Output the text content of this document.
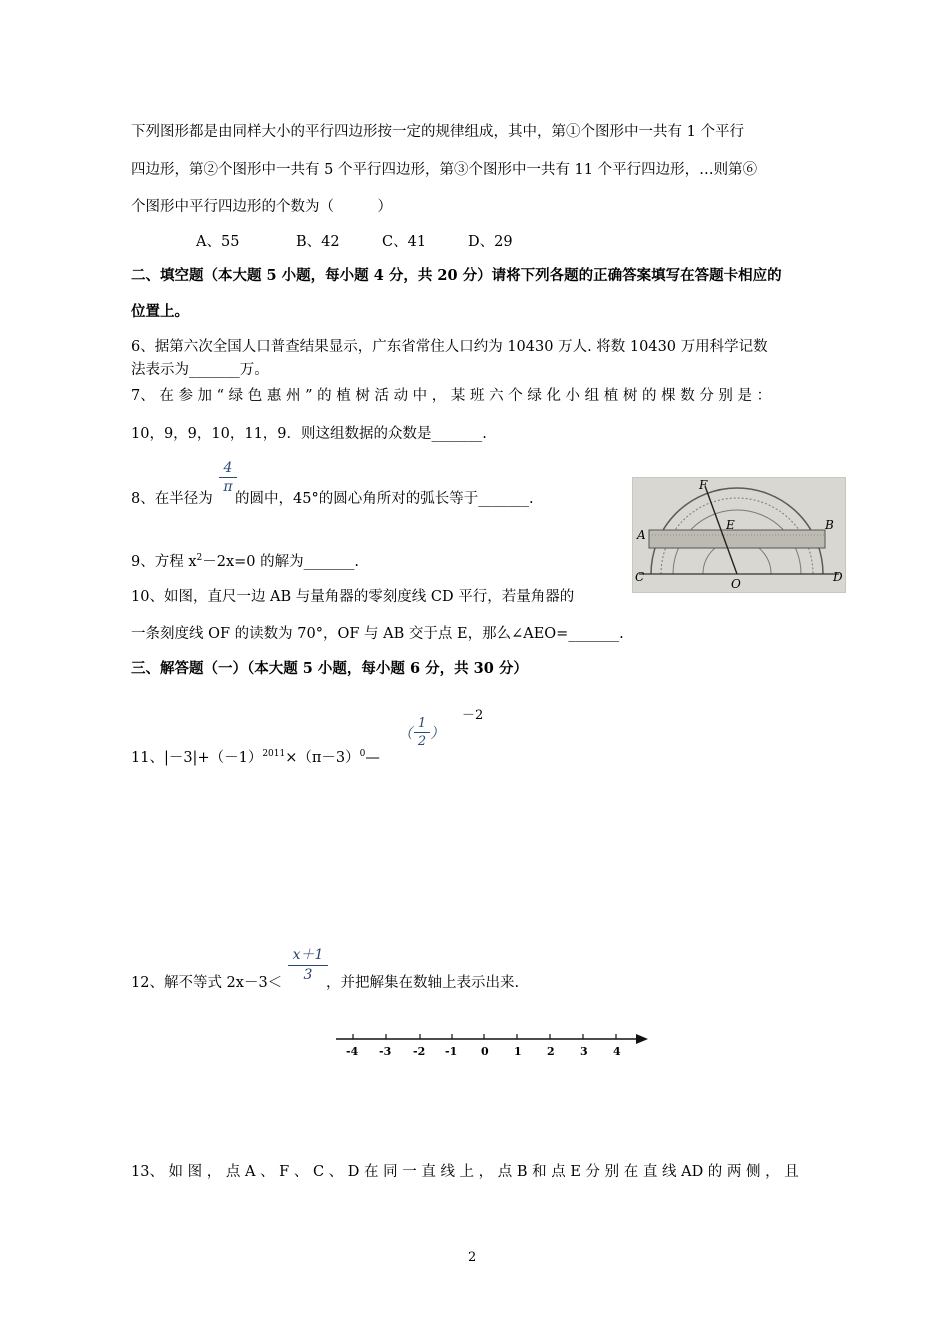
下列图形都是由同样大小的平行四边形按一定的规律组成，其中，第①个图形中一共有 1 个平行
四边形，第②个图形中一共有 5 个平行四边形，第③个图形中一共有 11 个平行四边形，…则第⑥
个图形中平行四边形的个数为（　　　）
A、55	B、42	C、41	D、29
二、填空题（本大题 5 小题，每小题 4 分，共 20 分）请将下列各题的正确答案填写在答题卡相应的
位置上。
6、据第六次全国人口普查结果显示，广东省常住人口约为 10430 万人. 将数 10430 万用科学记数
法表示为_______万。
7、 在 参 加 “ 绿 色 惠 州 ” 的 植 树 活 动 中 ， 某 班 六 个 绿 化 小 组 植 树 的 棵 数 分 别 是 ：
10，9，9，10，11，9．则这组数据的众数是_______.
8、在半径为
4
π
的圆中，45°的圆心角所对的弧长等于_______.
F
A
E	B
C	O	D
9、方程 $x^2-2x=0$ 的解为_______.
10、如图，直尺一边 AB 与量角器的零刻度线 CD 平行，若量角器的
一条刻度线 OF 的读数为 70°，OF 与 AB 交于点 E，那么∠AEO=_______.
三、解答题（一）（本大题 5 小题，每小题 6 分，共 30 分）
11、$|-3|+(-1)^{2011}\times(\pi-3)^0—$
（
1
2 ）
－2
12、解不等式 2x－3＜
x＋1
3 ，并把解集在数轴上表示出来.
-4 -3 -2 -1 0 1 2 3 4
13、 如 图 ， 点 A 、 F 、 C 、 D 在 同 一 直 线 上 ， 点 B 和 点 E 分 别 在 直 线 AD 的 两 侧 ， 且
2
